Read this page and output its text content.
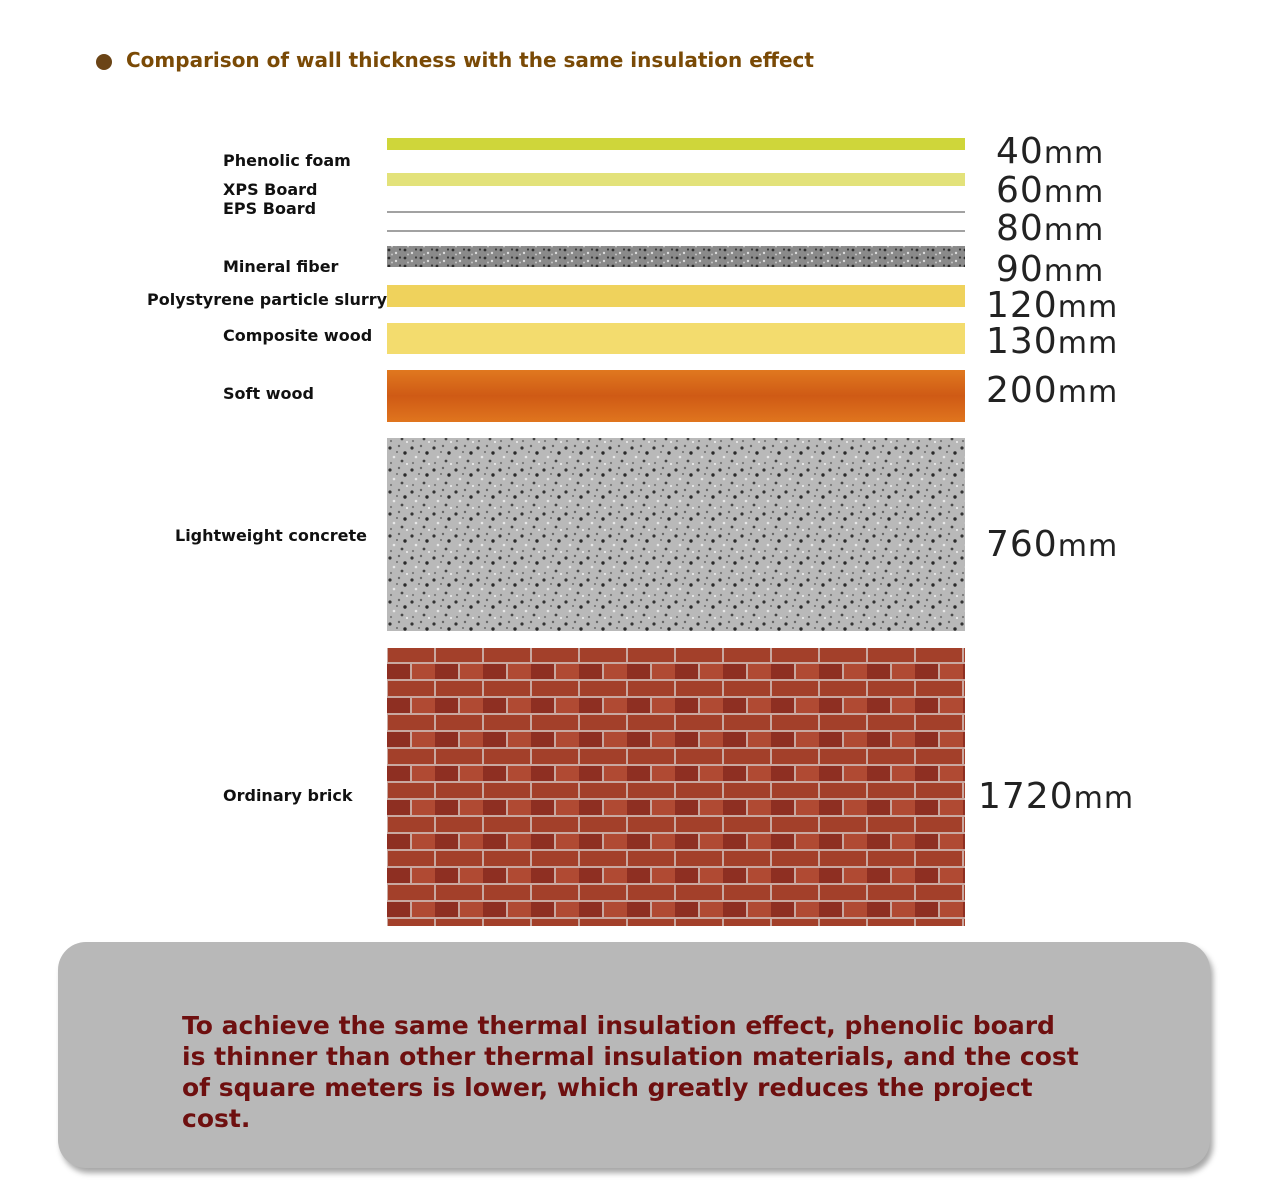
Comparison of wall thickness with the same insulation effect
Phenolic foam
XPS Board
EPS Board
Mineral fiber
Polystyrene particle slurry
Composite wood
Soft wood
Lightweight concrete
Ordinary brick
40mm
60mm
80mm
90mm
120mm
130mm
200mm
760mm
1720mm
To achieve the same thermal insulation effect, phenolic board is thinner than other thermal insulation materials, and the cost of square meters is lower, which greatly reduces the project cost.
